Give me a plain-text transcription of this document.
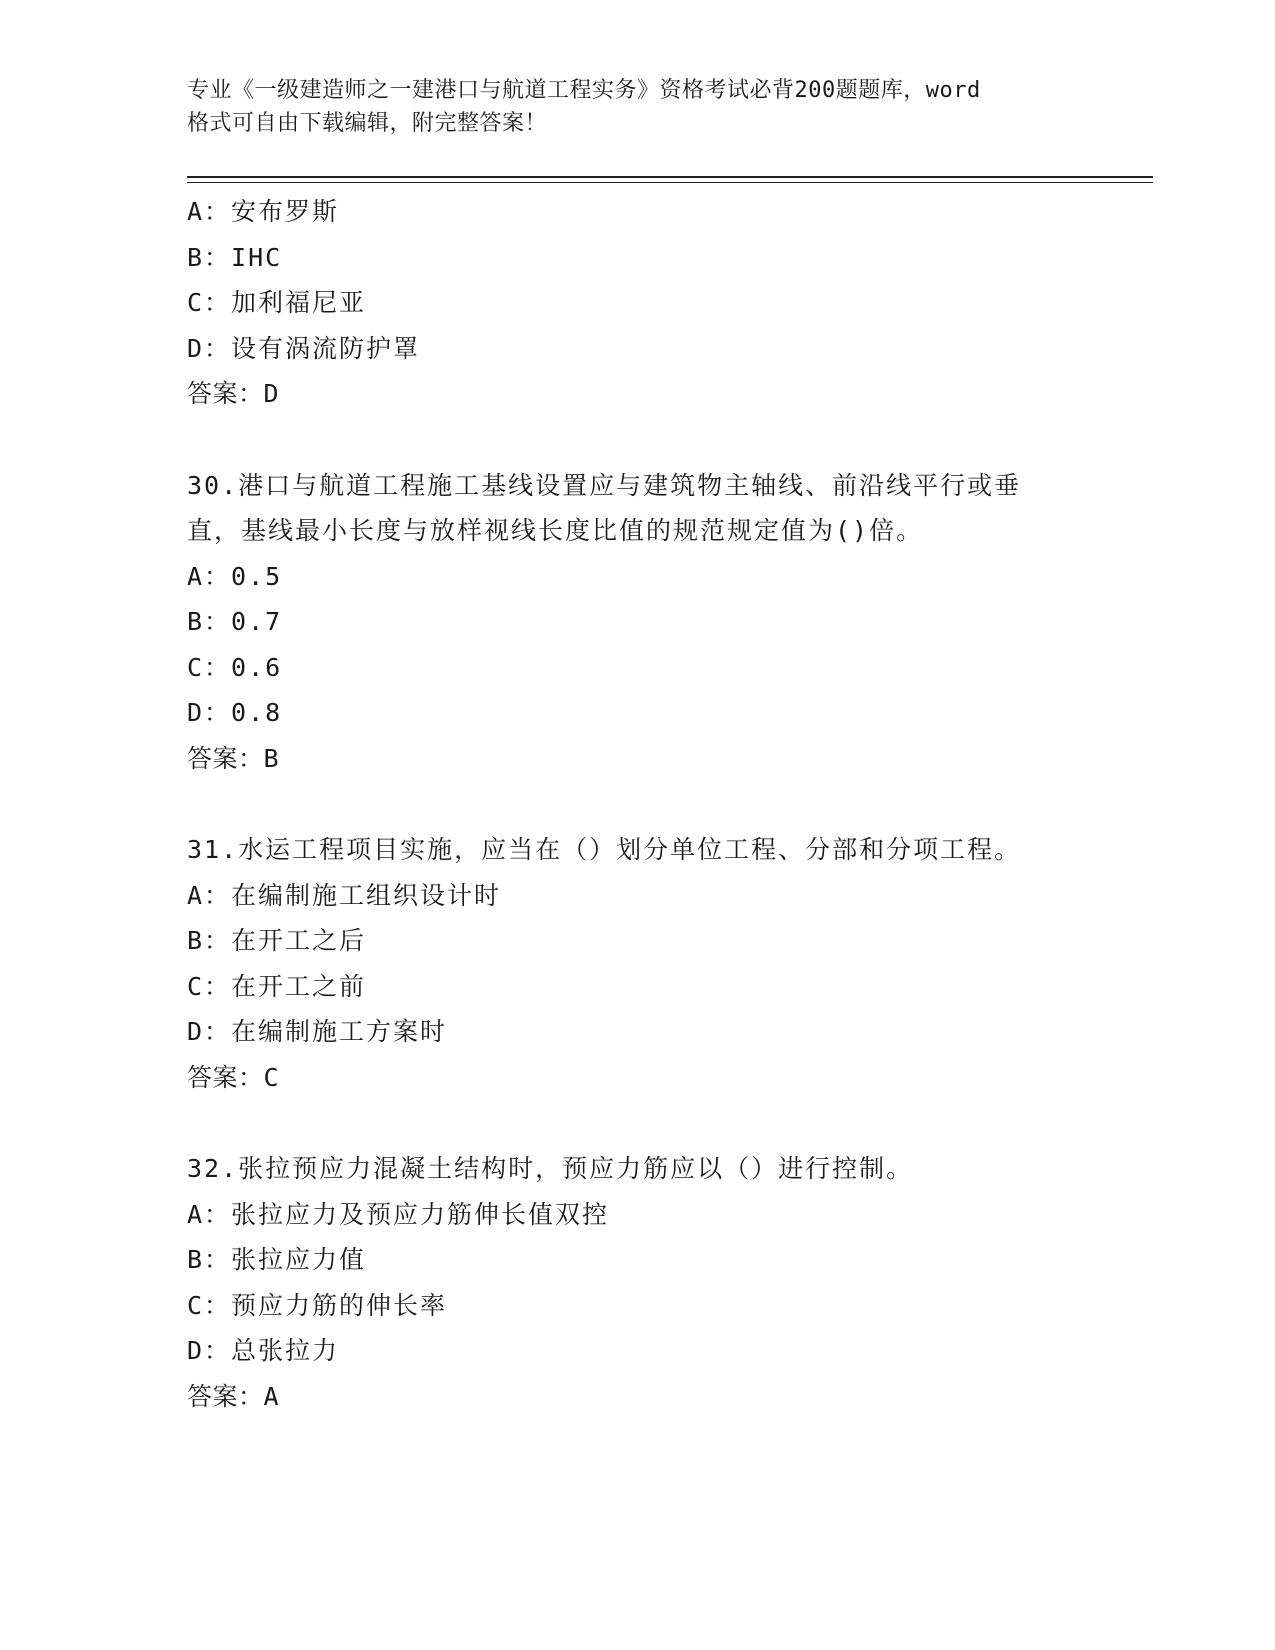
专业《一级建造师之一建港口与航道工程实务》资格考试必背200题题库，word
格式可自由下载编辑，附完整答案！
A：安布罗斯
B：IHC
C：加利福尼亚
D：设有涡流防护罩
答案：D
30.港口与航道工程施工基线设置应与建筑物主轴线、前沿线平行或垂
直，基线最小长度与放样视线长度比值的规范规定值为()倍。
A：0.5
B：0.7
C：0.6
D：0.8
答案：B
31.水运工程项目实施，应当在（）划分单位工程、分部和分项工程。
A：在编制施工组织设计时
B：在开工之后
C：在开工之前
D：在编制施工方案时
答案：C
32.张拉预应力混凝土结构时，预应力筋应以（）进行控制。
A：张拉应力及预应力筋伸长值双控
B：张拉应力值
C：预应力筋的伸长率
D：总张拉力
答案：A
